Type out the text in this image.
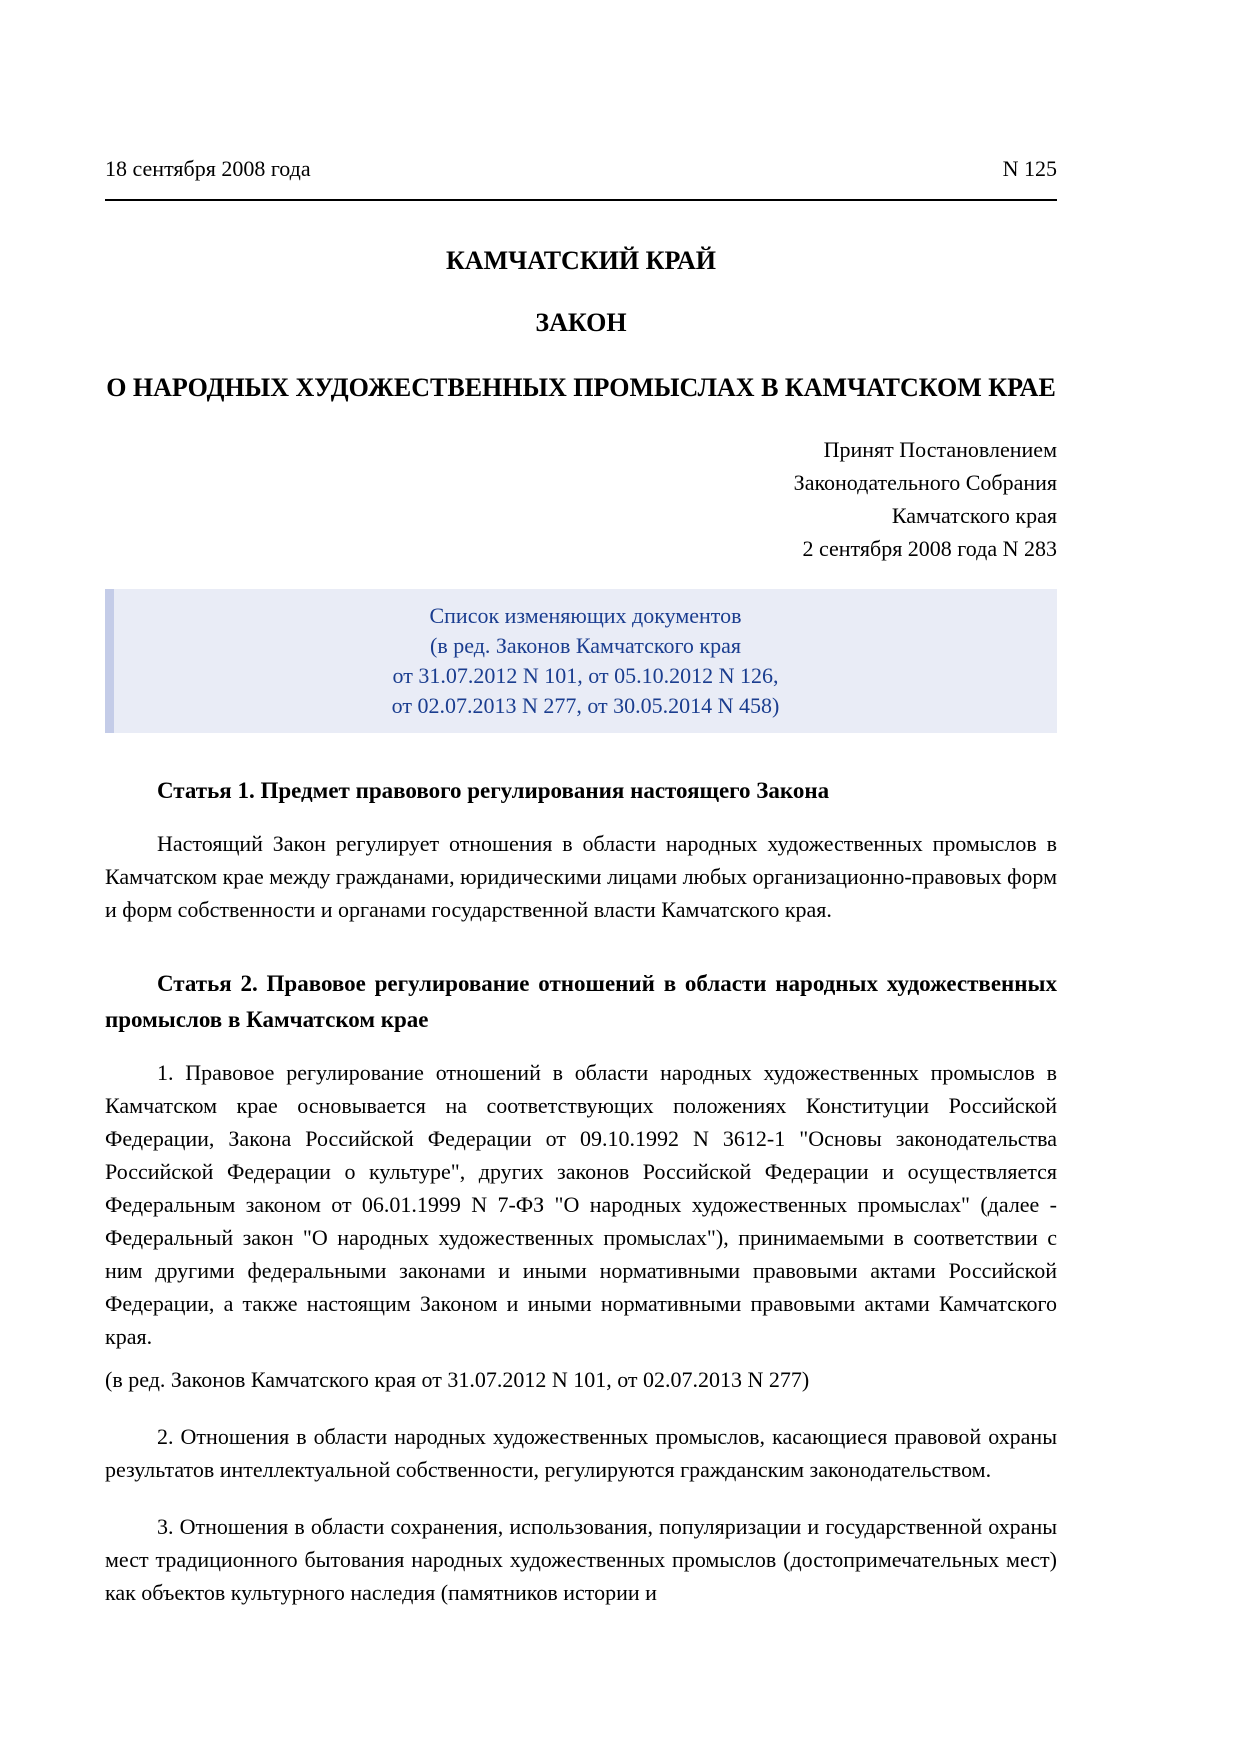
18 сентября 2008 года	N 125
КАМЧАТСКИЙ КРАЙ
ЗАКОН
О НАРОДНЫХ ХУДОЖЕСТВЕННЫХ ПРОМЫСЛАХ В КАМЧАТСКОМ КРАЕ
Принят Постановлением
Законодательного Собрания
Камчатского края
2 сентября 2008 года N 283
Список изменяющих документов
(в ред. Законов Камчатского края
от 31.07.2012 N 101, от 05.10.2012 N 126,
от 02.07.2013 N 277, от 30.05.2014 N 458)
Статья 1. Предмет правового регулирования настоящего Закона

Настоящий Закон регулирует отношения в области народных художественных промыслов в Камчатском крае между гражданами, юридическими лицами любых организационно-правовых форм и форм собственности и органами государственной власти Камчатского края.

Статья 2. Правовое регулирование отношений в области народных художественных промыслов в Камчатском крае

1. Правовое регулирование отношений в области народных художественных промыслов в Камчатском крае основывается на соответствующих положениях Конституции Российской Федерации, Закона Российской Федерации от 09.10.1992 N 3612-1 "Основы законодательства Российской Федерации о культуре", других законов Российской Федерации и осуществляется Федеральным законом от 06.01.1999 N 7-ФЗ "О народных художественных промыслах" (далее - Федеральный закон "О народных художественных промыслах"), принимаемыми в соответствии с ним другими федеральными законами и иными нормативными правовыми актами Российской Федерации, а также настоящим Законом и иными нормативными правовыми актами Камчатского края.

(в ред. Законов Камчатского края от 31.07.2012 N 101, от 02.07.2013 N 277)

2. Отношения в области народных художественных промыслов, касающиеся правовой охраны результатов интеллектуальной собственности, регулируются гражданским законодательством.

3. Отношения в области сохранения, использования, популяризации и государственной охраны мест традиционного бытования народных художественных промыслов (достопримечательных мест) как объектов культурного наследия (памятников истории и
